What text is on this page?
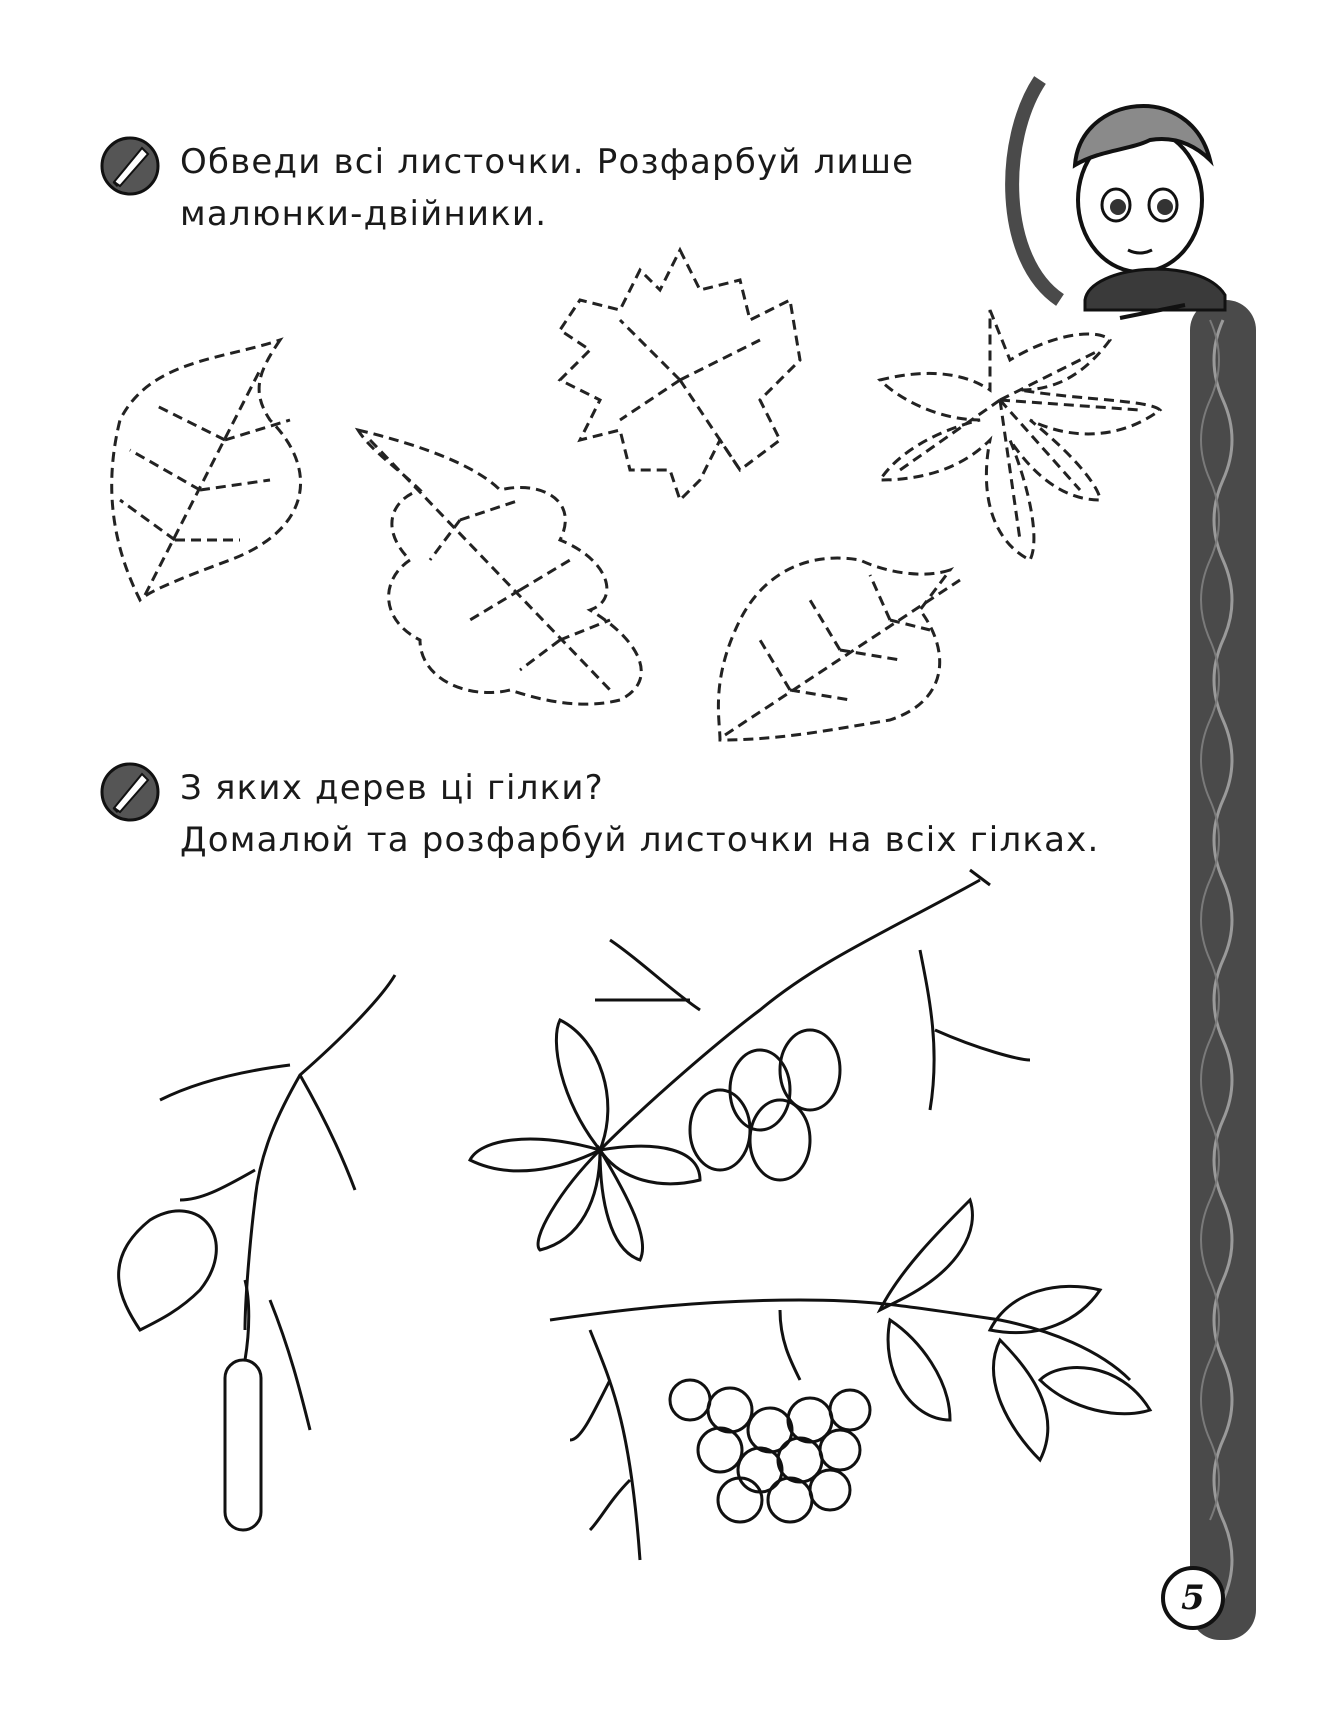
Обведи всі листочки. Розфарбуй лише
малюнки-двійники.
З яких дерев ці гілки?
Домалюй та розфарбуй листочки на всіх гілках.
5
